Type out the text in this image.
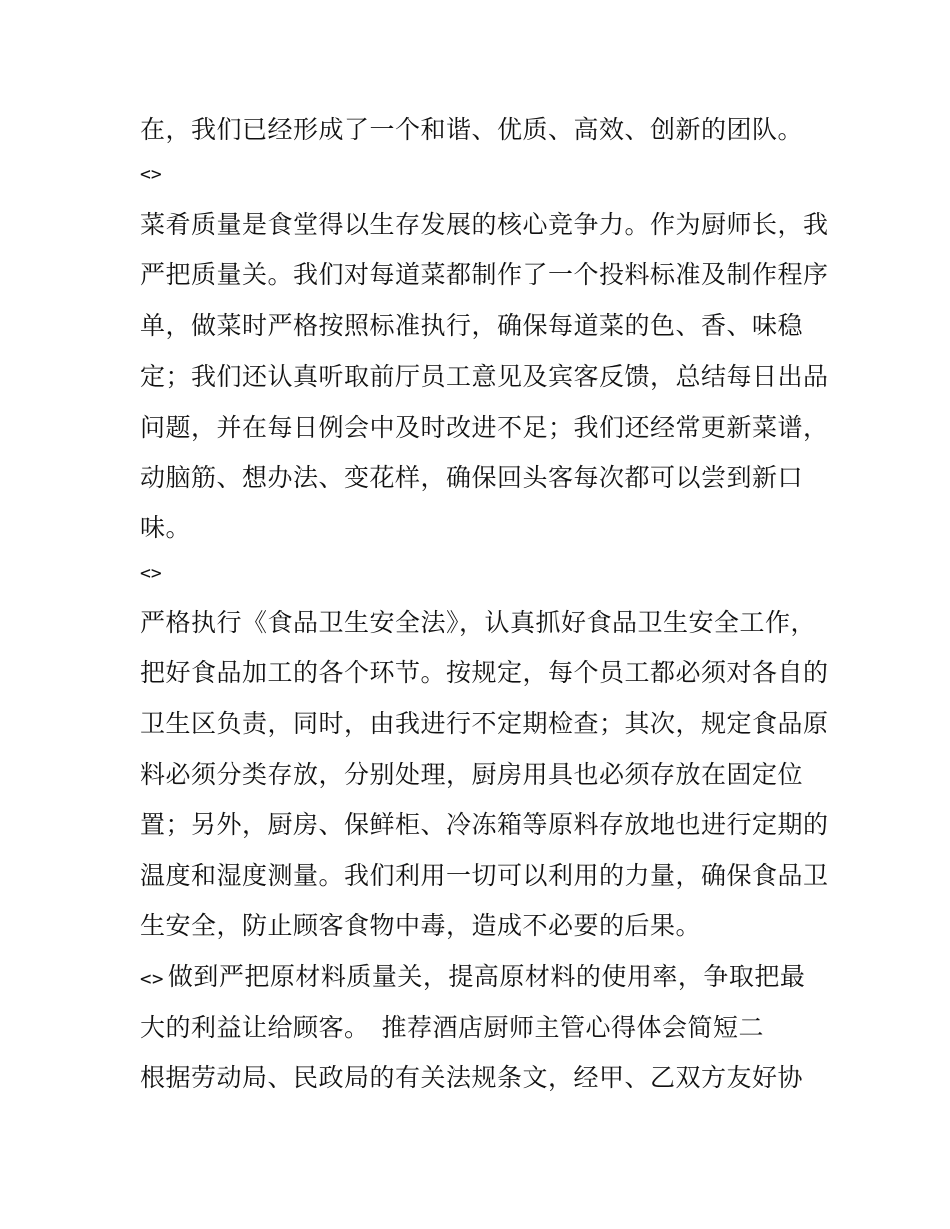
在，我们已经形成了一个和谐、优质、高效、创新的团队。
<>
菜肴质量是食堂得以生存发展的核心竞争力。作为厨师长，我
严把质量关。我们对每道菜都制作了一个投料标准及制作程序
单，做菜时严格按照标准执行，确保每道菜的色、香、味稳
定；我们还认真听取前厅员工意见及宾客反馈，总结每日出品
问题，并在每日例会中及时改进不足；我们还经常更新菜谱，
动脑筋、想办法、变花样，确保回头客每次都可以尝到新口
味。
<>
严格执行《食品卫生安全法》，认真抓好食品卫生安全工作，
把好食品加工的各个环节。按规定，每个员工都必须对各自的
卫生区负责，同时，由我进行不定期检查；其次，规定食品原
料必须分类存放，分别处理，厨房用具也必须存放在固定位
置；另外，厨房、保鲜柜、冷冻箱等原料存放地也进行定期的
温度和湿度测量。我们利用一切可以利用的力量，确保食品卫
生安全，防止顾客食物中毒，造成不必要的后果。
<> 做到严把原材料质量关，提高原材料的使用率，争取把最
大的利益让给顾客。 推荐酒店厨师主管心得体会简短二
根据劳动局、民政局的有关法规条文，经甲、乙双方友好协
